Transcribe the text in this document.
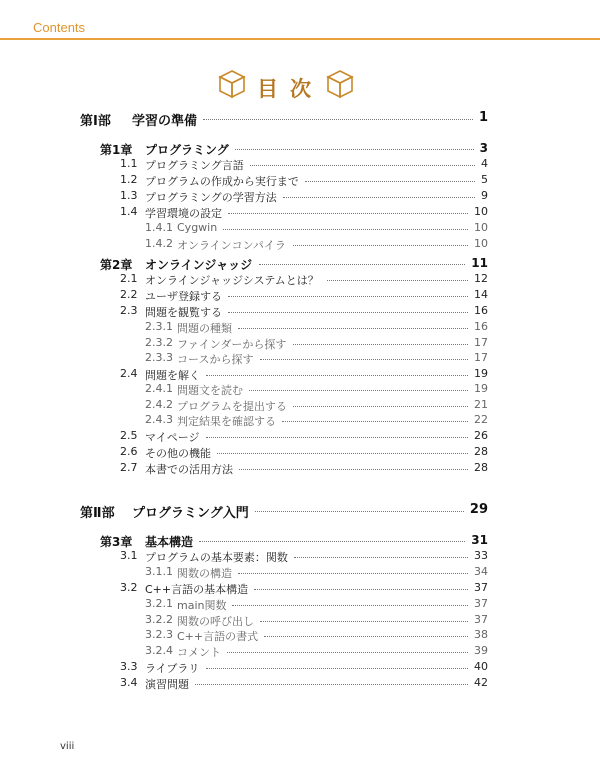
Contents
目次
第Ⅰ部 学習の準備	1
第1章 プログラミング	3
1.1 プログラミング言語	4
1.2 プログラムの作成から実行まで	5
1.3 プログラミングの学習方法	9
1.4 学習環境の設定	10
1.4.1 Cygwin	10
1.4.2 オンラインコンパイラ	10
第2章 オンラインジャッジ	11
2.1 オンラインジャッジシステムとは？	12
2.2 ユーザ登録する	14
2.3 問題を観覧する	16
2.3.1 問題の種類	16
2.3.2 ファインダーから探す	17
2.3.3 コースから探す	17
2.4 問題を解く	19
2.4.1 問題文を読む	19
2.4.2 プログラムを提出する	21
2.4.3 判定結果を確認する	22
2.5 マイページ	26
2.6 その他の機能	28
2.7 本書での活用方法	28
第Ⅱ部 プログラミング入門	29
第3章 基本構造	31
3.1 プログラムの基本要素：関数	33
3.1.1 関数の構造	34
3.2 C++言語の基本構造	37
3.2.1 main関数	37
3.2.2 関数の呼び出し	37
3.2.3 C++言語の書式	38
3.2.4 コメント	39
3.3 ライブラリ	40
3.4 演習問題	42
viii
